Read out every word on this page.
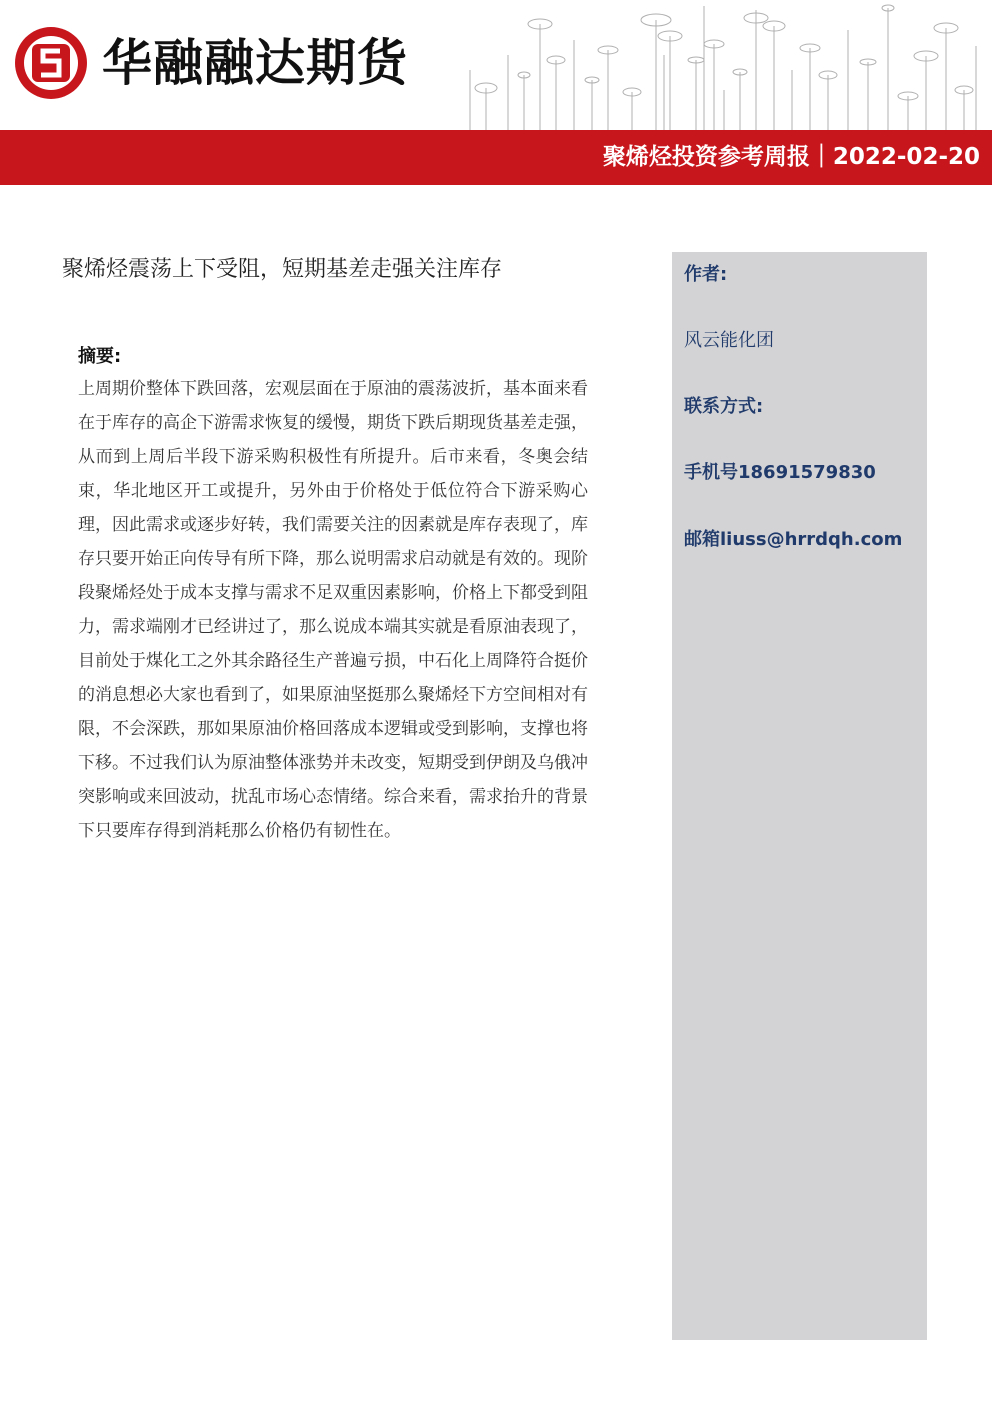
华融融达期货
聚烯烃投资参考周报｜2022-02-20
聚烯烃震荡上下受阻，短期基差走强关注库存
摘要:
上周期价整体下跌回落，宏观层面在于原油的震荡波折，基本面来看在于库存的高企下游需求恢复的缓慢，期货下跌后期现货基差走强，从而到上周后半段下游采购积极性有所提升。后市来看，冬奥会结束，华北地区开工或提升，另外由于价格处于低位符合下游采购心理，因此需求或逐步好转，我们需要关注的因素就是库存表现了，库存只要开始正向传导有所下降，那么说明需求启动就是有效的。现阶段聚烯烃处于成本支撑与需求不足双重因素影响，价格上下都受到阻力，需求端刚才已经讲过了，那么说成本端其实就是看原油表现了，目前处于煤化工之外其余路径生产普遍亏损，中石化上周降符合挺价的消息想必大家也看到了，如果原油坚挺那么聚烯烃下方空间相对有限，不会深跌，那如果原油价格回落成本逻辑或受到影响，支撑也将下移。不过我们认为原油整体涨势并未改变，短期受到伊朗及乌俄冲突影响或来回波动，扰乱市场心态情绪。综合来看，需求抬升的背景下只要库存得到消耗那么价格仍有韧性在。
作者:
风云能化团
联系方式:
手机号18691579830
邮箱liuss@hrrdqh.com
